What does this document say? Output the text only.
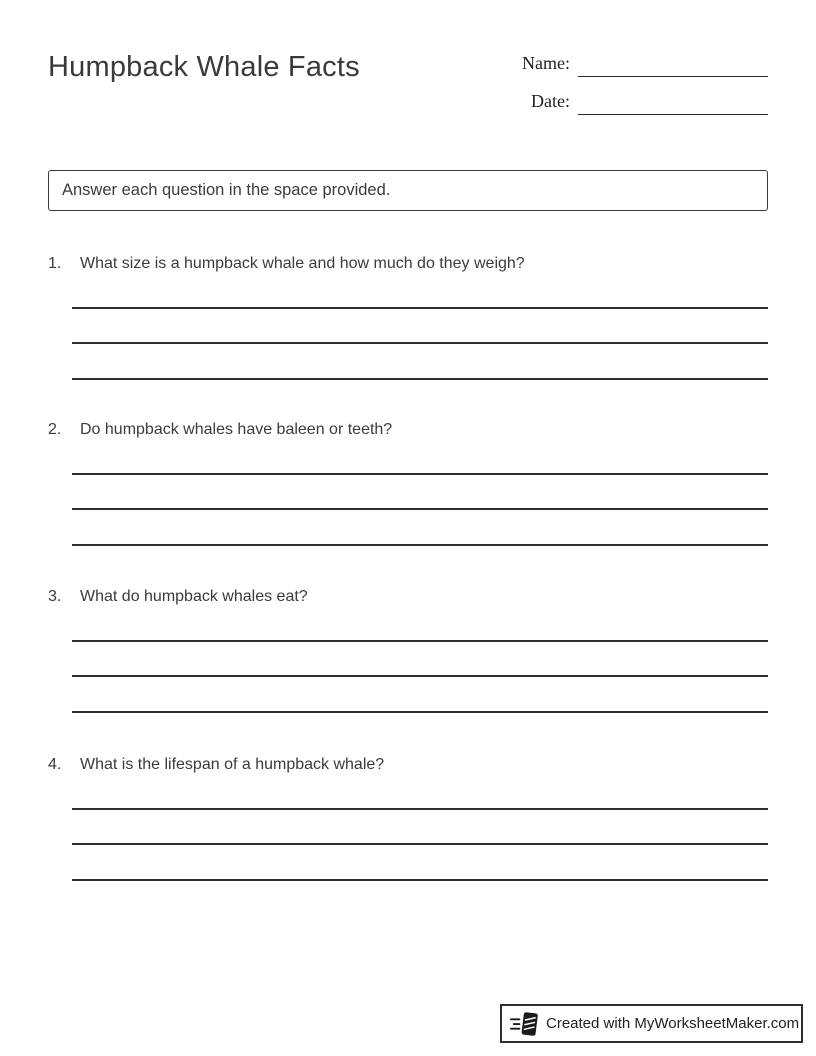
Humpback Whale Facts	Name:
Date:
Answer each question in the space provided.
1.	What size is a humpback whale and how much do they weigh?
2.	Do humpback whales have baleen or teeth?
3.	What do humpback whales eat?
4.	What is the lifespan of a humpback whale?
Created with MyWorksheetMaker.com
